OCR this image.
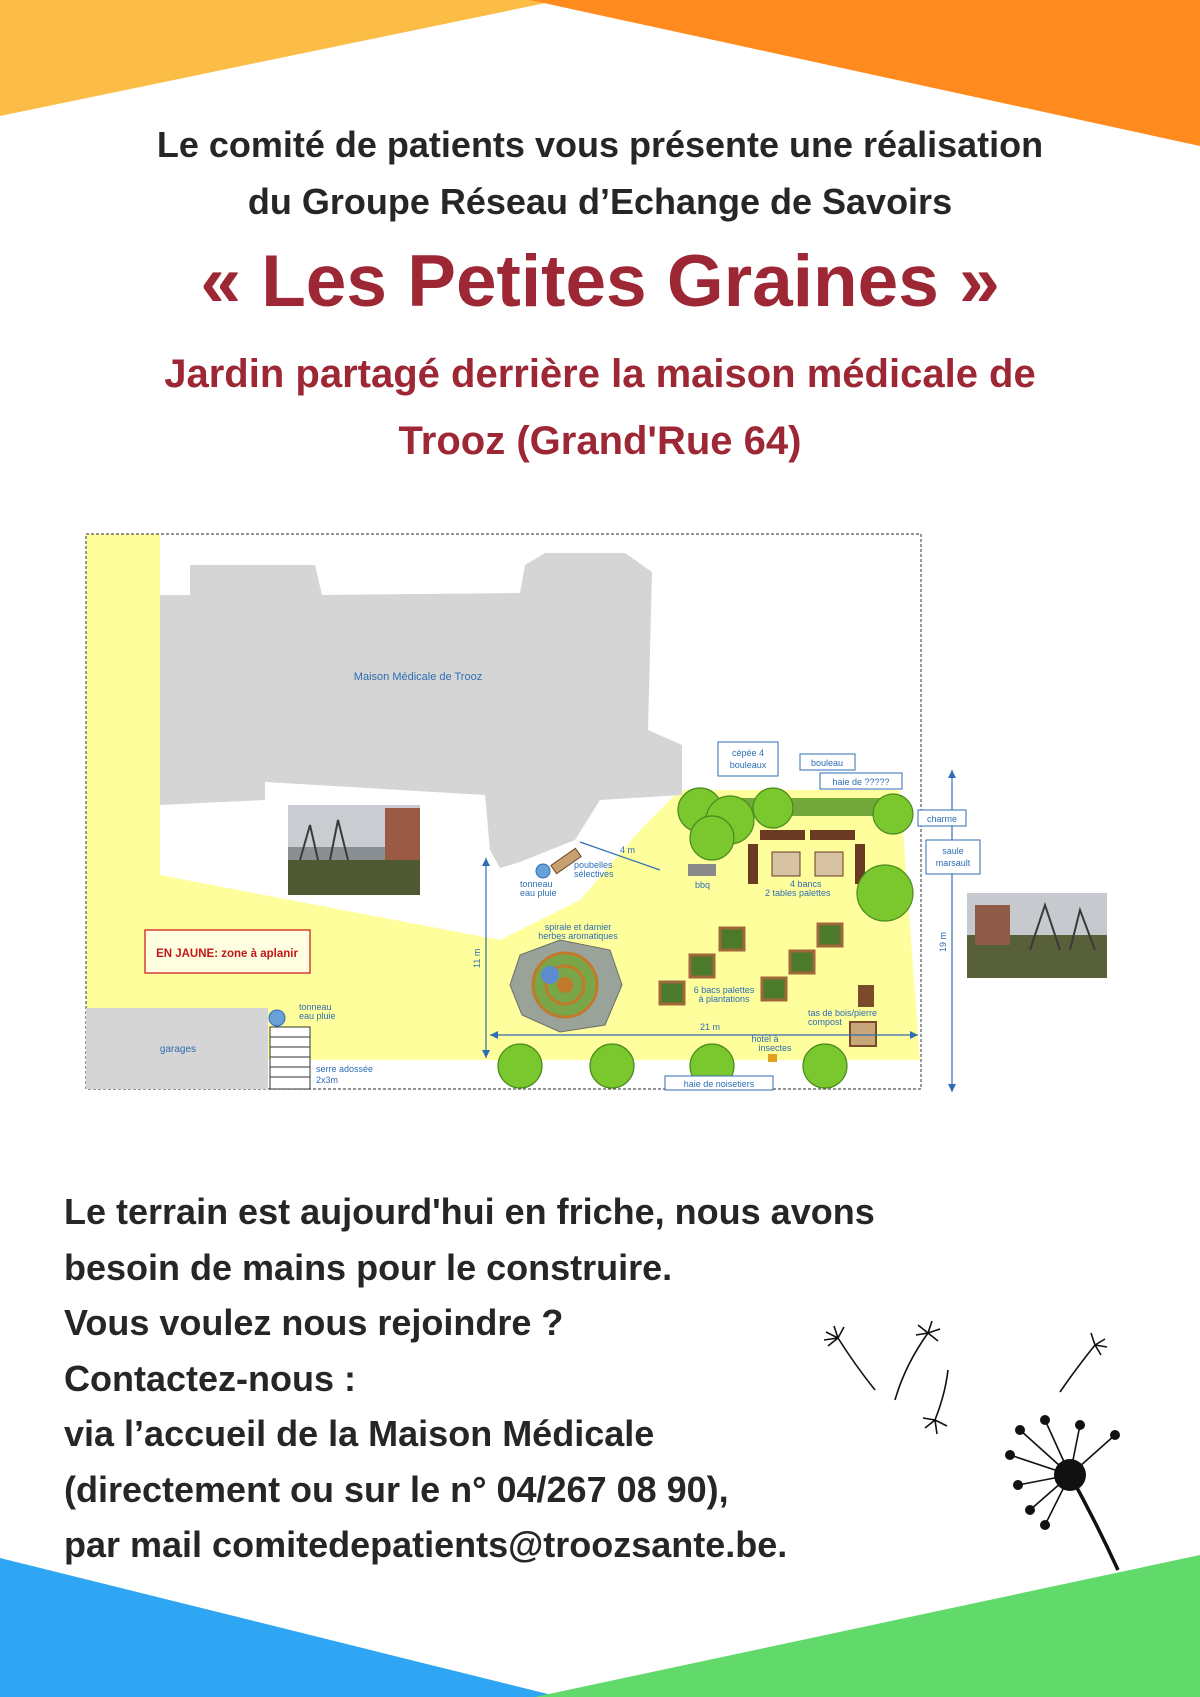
Le comité de patients vous présente une réalisation
du Groupe Réseau d’Echange de Savoirs
« Les Petites Graines »
Jardin partagé derrière la maison médicale de
Trooz (Grand'Rue 64)
Maison Médicale de Trooz
EN JAUNE: zone à aplanir
garages
serre adossée
2x3m
tonneau
eau pluie
tonneau
eau pluie
poubelles
sélectives
4 m
bbq	4 bancs
2 tables palettes
spirale et damier
herbes aromatiques
6 bacs palettes
à plantations
tas de bois/pierre
compost
hotel à
insectes
21 m
11 m
19 m
cépée 4
bouleaux	bouleau
haie de ?????
charme
saule
marsault
haie de noisetiers
Le terrain est aujourd'hui en friche, nous avons
besoin de mains pour le construire.
Vous voulez nous rejoindre ?
Contactez-nous :
via l’accueil de la Maison Médicale
(directement ou sur le n° 04/267 08 90),
par mail comitedepatients@troozsante.be.
